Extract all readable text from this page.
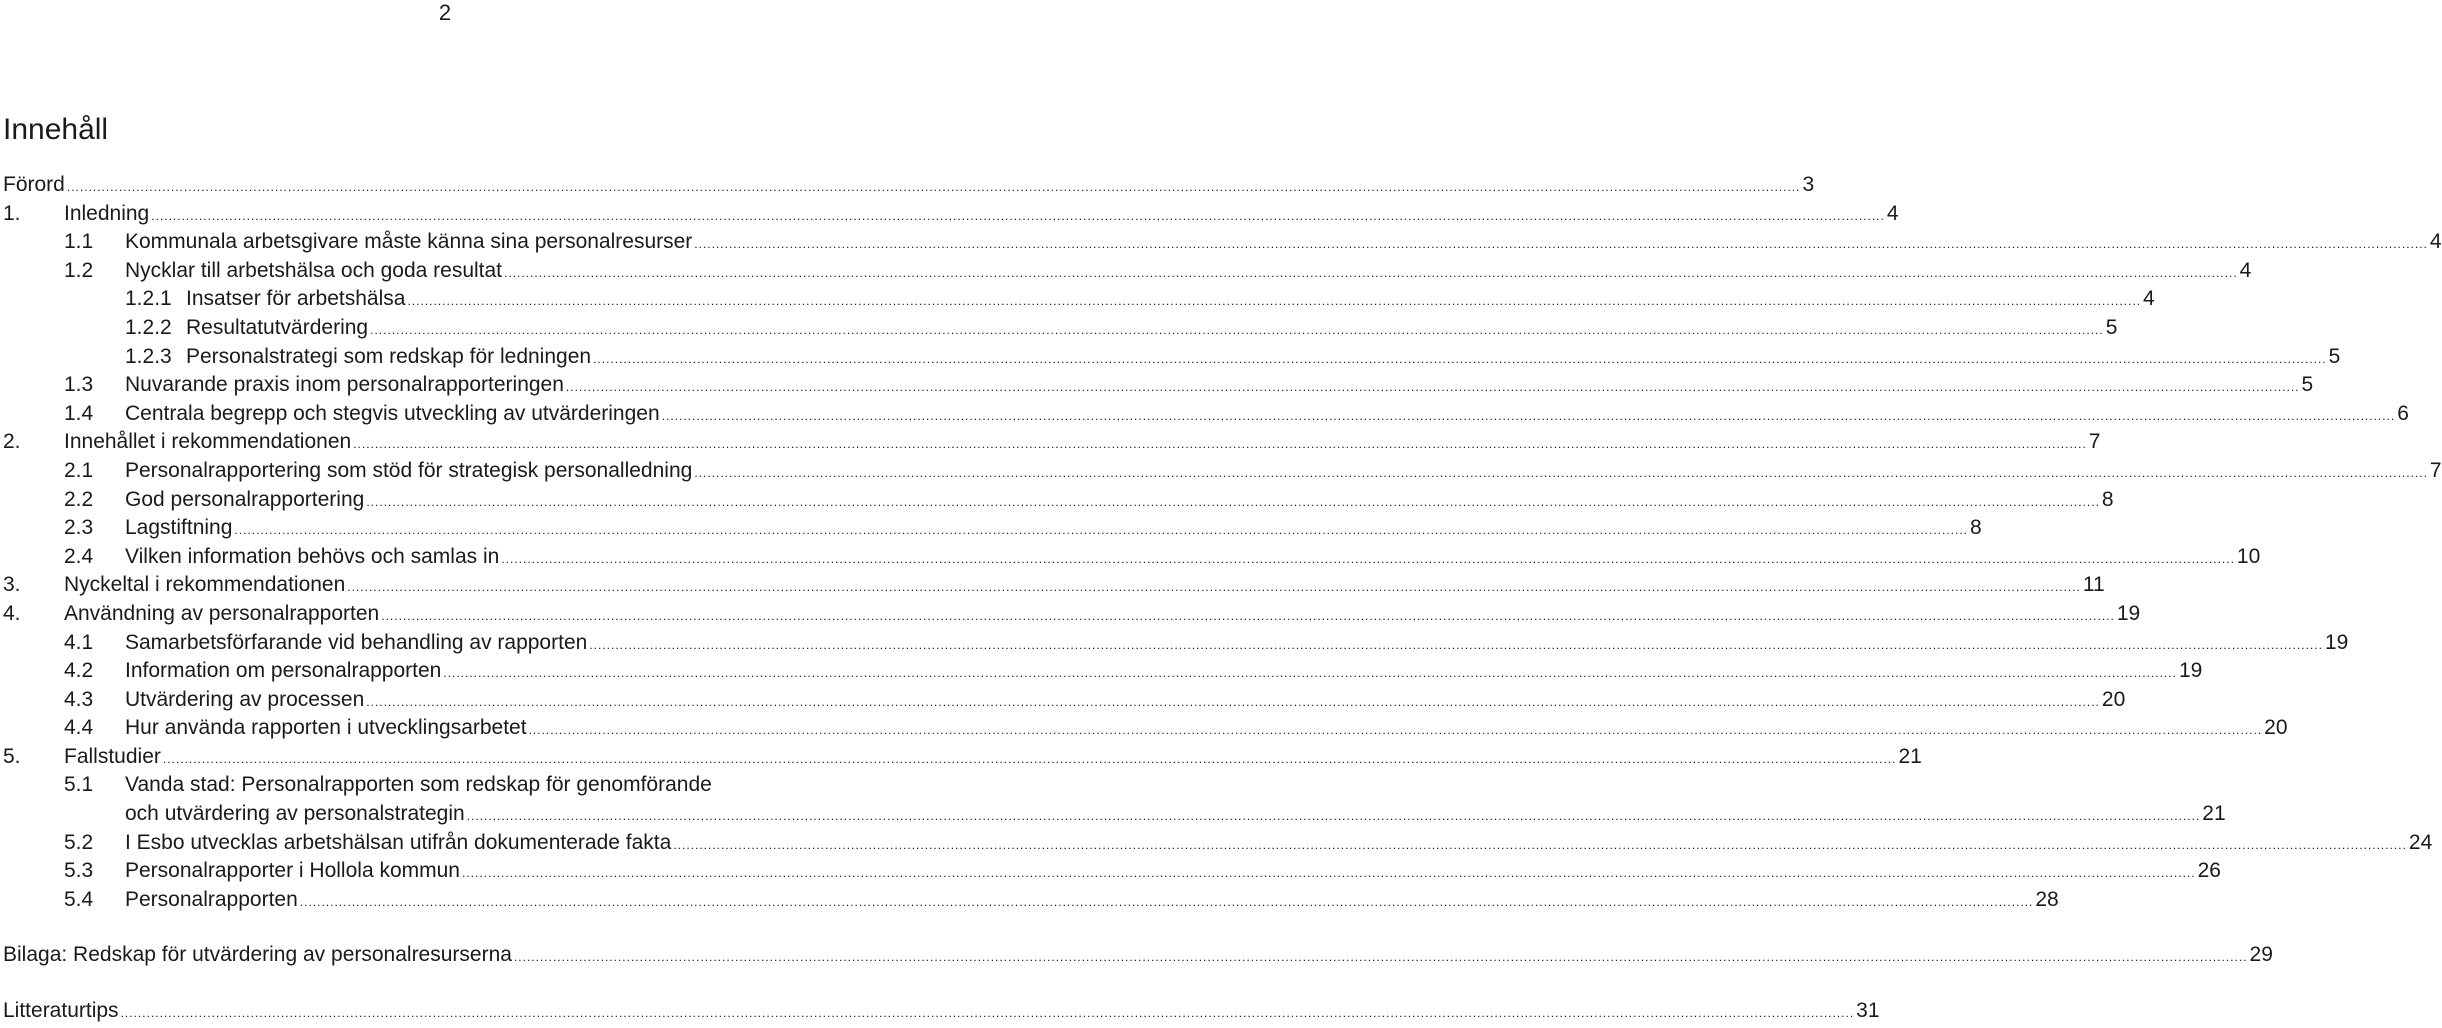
2
Innehåll
Förord ................................................................................................................................................................................................................................................................................................................................................................................................................ 3
1. Inledning ................................................................................................................................................................................................................................................................................................................................................................................................................ 4
1.1 Kommunala arbetsgivare måste känna sina personalresurser ................................................................................................................................................................................................................................................................................................................................................................................................................ 4
1.2 Nycklar till arbetshälsa och goda resultat ................................................................................................................................................................................................................................................................................................................................................................................................................ 4
1.2.1 Insatser för arbetshälsa ................................................................................................................................................................................................................................................................................................................................................................................................................ 4
1.2.2 Resultatutvärdering ................................................................................................................................................................................................................................................................................................................................................................................................................ 5
1.2.3 Personalstrategi som redskap för ledningen ................................................................................................................................................................................................................................................................................................................................................................................................................ 5
1.3 Nuvarande praxis inom personalrapporteringen ................................................................................................................................................................................................................................................................................................................................................................................................................ 5
1.4 Centrala begrepp och stegvis utveckling av utvärderingen ................................................................................................................................................................................................................................................................................................................................................................................................................ 6
2. Innehållet i rekommendationen ................................................................................................................................................................................................................................................................................................................................................................................................................ 7
2.1 Personalrapportering som stöd för strategisk personalledning ................................................................................................................................................................................................................................................................................................................................................................................................................ 7
2.2 God personalrapportering ................................................................................................................................................................................................................................................................................................................................................................................................................ 8
2.3 Lagstiftning ................................................................................................................................................................................................................................................................................................................................................................................................................ 8
2.4 Vilken information behövs och samlas in ................................................................................................................................................................................................................................................................................................................................................................................................................ 10
3. Nyckeltal i rekommendationen ................................................................................................................................................................................................................................................................................................................................................................................................................ 11
4. Användning av personalrapporten ................................................................................................................................................................................................................................................................................................................................................................................................................ 19
4.1 Samarbetsförfarande vid behandling av rapporten ................................................................................................................................................................................................................................................................................................................................................................................................................ 19
4.2 Information om personalrapporten ................................................................................................................................................................................................................................................................................................................................................................................................................ 19
4.3 Utvärdering av processen ................................................................................................................................................................................................................................................................................................................................................................................................................ 20
4.4 Hur använda rapporten i utvecklingsarbetet ................................................................................................................................................................................................................................................................................................................................................................................................................ 20
5. Fallstudier ................................................................................................................................................................................................................................................................................................................................................................................................................ 21
5.1 Vanda stad: Personalrapporten som redskap för genomförande
och utvärdering av personalstrategin ................................................................................................................................................................................................................................................................................................................................................................................................................ 21
5.2 I Esbo utvecklas arbetshälsan utifrån dokumenterade fakta ................................................................................................................................................................................................................................................................................................................................................................................................................ 24
5.3 Personalrapporter i Hollola kommun ................................................................................................................................................................................................................................................................................................................................................................................................................ 26
5.4 Personalrapporten ................................................................................................................................................................................................................................................................................................................................................................................................................ 28
Bilaga: Redskap för utvärdering av personalresurserna ................................................................................................................................................................................................................................................................................................................................................................................................................ 29
Litteraturtips ................................................................................................................................................................................................................................................................................................................................................................................................................ 31
